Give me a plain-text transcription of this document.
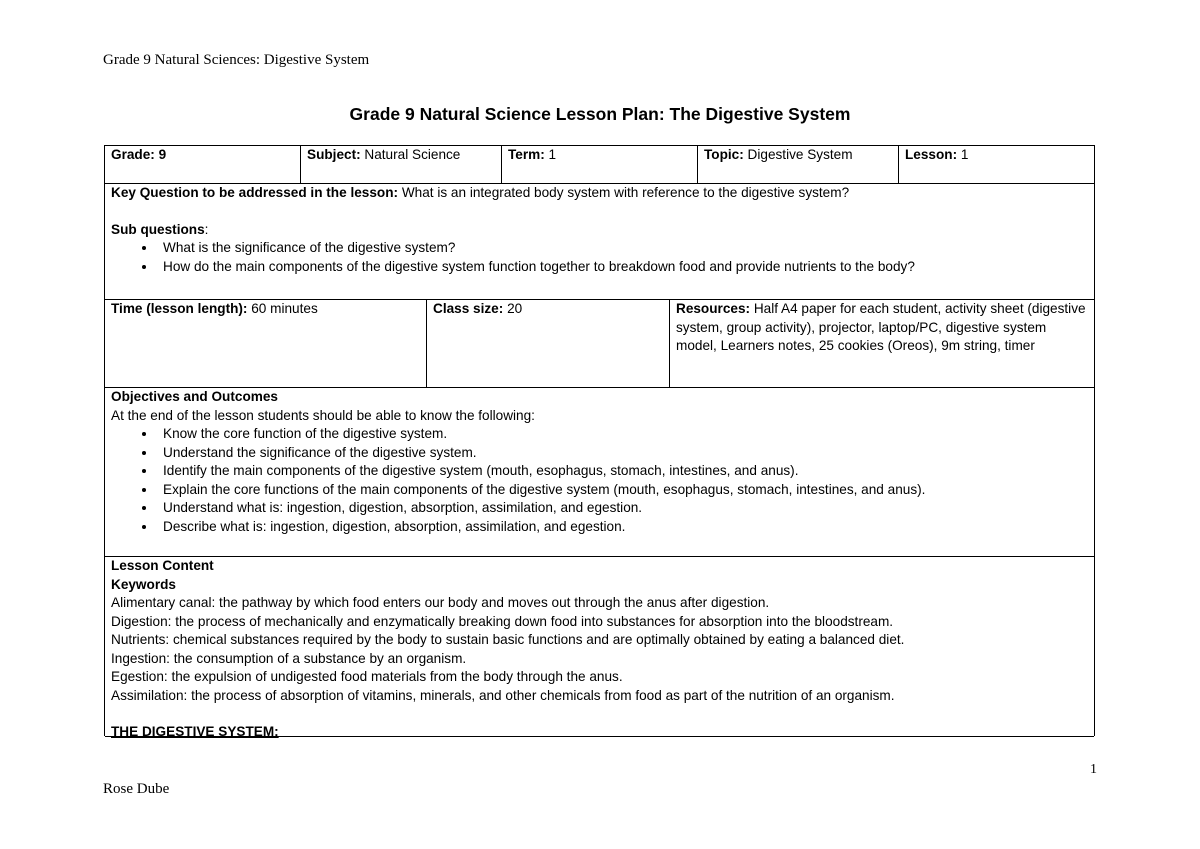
Grade 9 Natural Sciences: Digestive System
Grade 9 Natural Science Lesson Plan: The Digestive System
Grade: 9	Subject: Natural Science	Term: 1	Topic: Digestive System	Lesson: 1
Key Question to be addressed in the lesson: What is an integrated body system with reference to the digestive system?
Sub questions:
• What is the significance of the digestive system?
• How do the main components of the digestive system function together to breakdown food and provide nutrients to the body?
Time (lesson length): 60 minutes	Class size: 20	Resources: Half A4 paper for each student, activity sheet (digestive system, group activity), projector, laptop/PC, digestive system model, Learners notes, 25 cookies (Oreos), 9m string, timer
Objectives and Outcomes
At the end of the lesson students should be able to know the following:
• Know the core function of the digestive system.
• Understand the significance of the digestive system.
• Identify the main components of the digestive system (mouth, esophagus, stomach, intestines, and anus).
• Explain the core functions of the main components of the digestive system (mouth, esophagus, stomach, intestines, and anus).
• Understand what is: ingestion, digestion, absorption, assimilation, and egestion.
• Describe what is: ingestion, digestion, absorption, assimilation, and egestion.
Lesson Content
Keywords
Alimentary canal: the pathway by which food enters our body and moves out through the anus after digestion.
Digestion: the process of mechanically and enzymatically breaking down food into substances for absorption into the bloodstream.
Nutrients: chemical substances required by the body to sustain basic functions and are optimally obtained by eating a balanced diet.
Ingestion: the consumption of a substance by an organism.
Egestion: the expulsion of undigested food materials from the body through the anus.
Assimilation: the process of absorption of vitamins, minerals, and other chemicals from food as part of the nutrition of an organism.
THE DIGESTIVE SYSTEM:
1
Rose Dube
